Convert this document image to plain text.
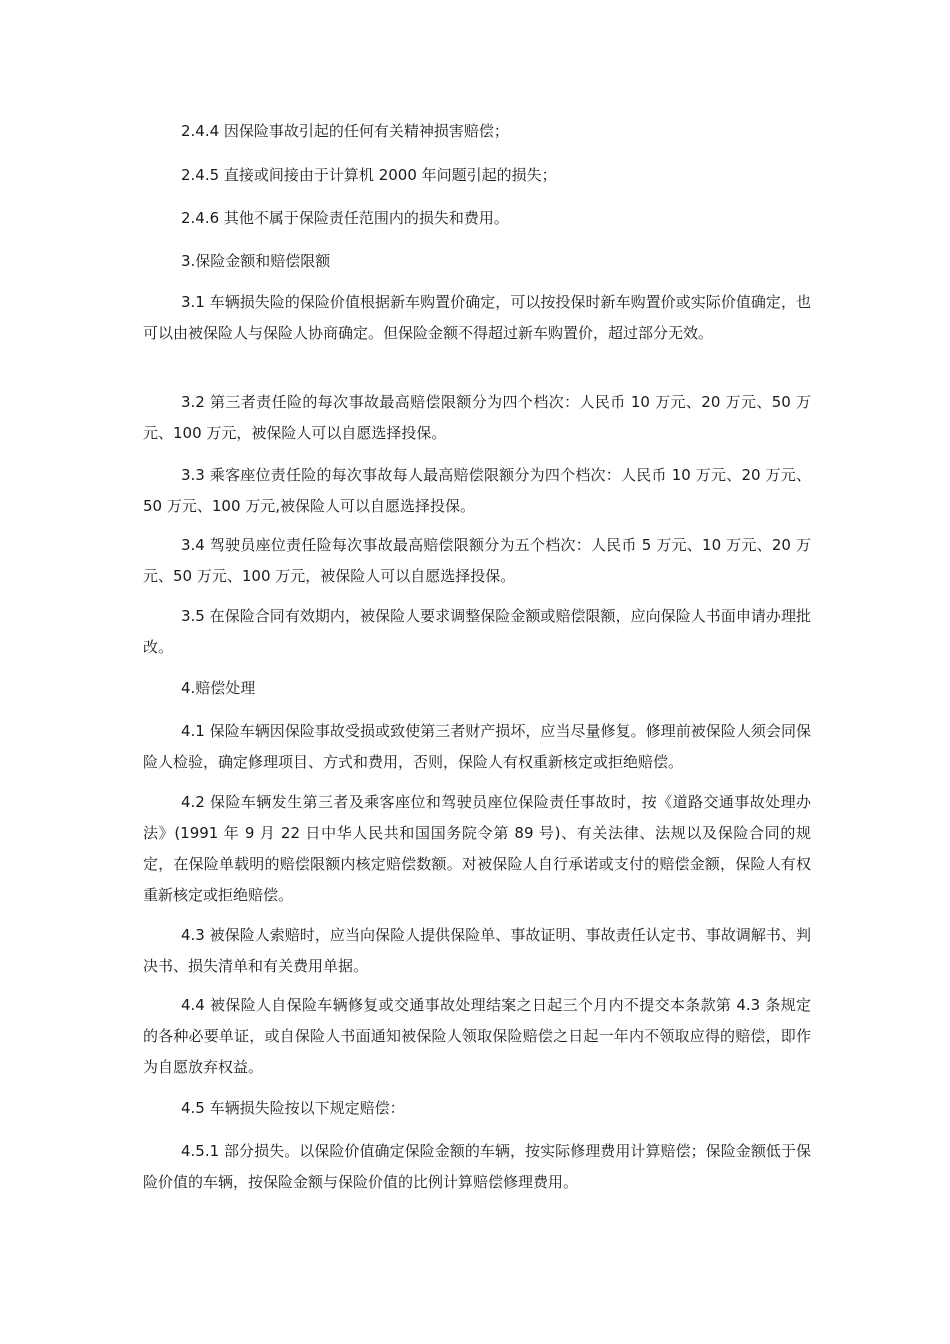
2.4.4 因保险事故引起的任何有关精神损害赔偿；

2.4.5 直接或间接由于计算机 2000 年问题引起的损失；

2.4.6 其他不属于保险责任范围内的损失和费用。

3.保险金额和赔偿限额

3.1 车辆损失险的保险价值根据新车购置价确定，可以按投保时新车购置价或实际价值确定，也可以由被保险人与保险人协商确定。但保险金额不得超过新车购置价，超过部分无效。

3.2 第三者责任险的每次事故最高赔偿限额分为四个档次：人民币 10 万元、20 万元、50 万元、100 万元，被保险人可以自愿选择投保。

3.3 乘客座位责任险的每次事故每人最高赔偿限额分为四个档次：人民币 10 万元、20 万元、50 万元、100 万元,被保险人可以自愿选择投保。

3.4 驾驶员座位责任险每次事故最高赔偿限额分为五个档次：人民币 5 万元、10 万元、20 万元、50 万元、100 万元，被保险人可以自愿选择投保。

3.5 在保险合同有效期内，被保险人要求调整保险金额或赔偿限额，应向保险人书面申请办理批改。

4.赔偿处理

4.1 保险车辆因保险事故受损或致使第三者财产损坏，应当尽量修复。修理前被保险人须会同保险人检验，确定修理项目、方式和费用，否则，保险人有权重新核定或拒绝赔偿。

4.2 保险车辆发生第三者及乘客座位和驾驶员座位保险责任事故时，按《道路交通事故处理办法》(1991 年 9 月 22 日中华人民共和国国务院令第 89 号)、有关法律、法规以及保险合同的规定，在保险单载明的赔偿限额内核定赔偿数额。对被保险人自行承诺或支付的赔偿金额，保险人有权重新核定或拒绝赔偿。

4.3 被保险人索赔时，应当向保险人提供保险单、事故证明、事故责任认定书、事故调解书、判决书、损失清单和有关费用单据。

4.4 被保险人自保险车辆修复或交通事故处理结案之日起三个月内不提交本条款第 4.3 条规定的各种必要单证，或自保险人书面通知被保险人领取保险赔偿之日起一年内不领取应得的赔偿，即作为自愿放弃权益。

4.5 车辆损失险按以下规定赔偿：

4.5.1 部分损失。以保险价值确定保险金额的车辆，按实际修理费用计算赔偿；保险金额低于保险价值的车辆，按保险金额与保险价值的比例计算赔偿修理费用。
